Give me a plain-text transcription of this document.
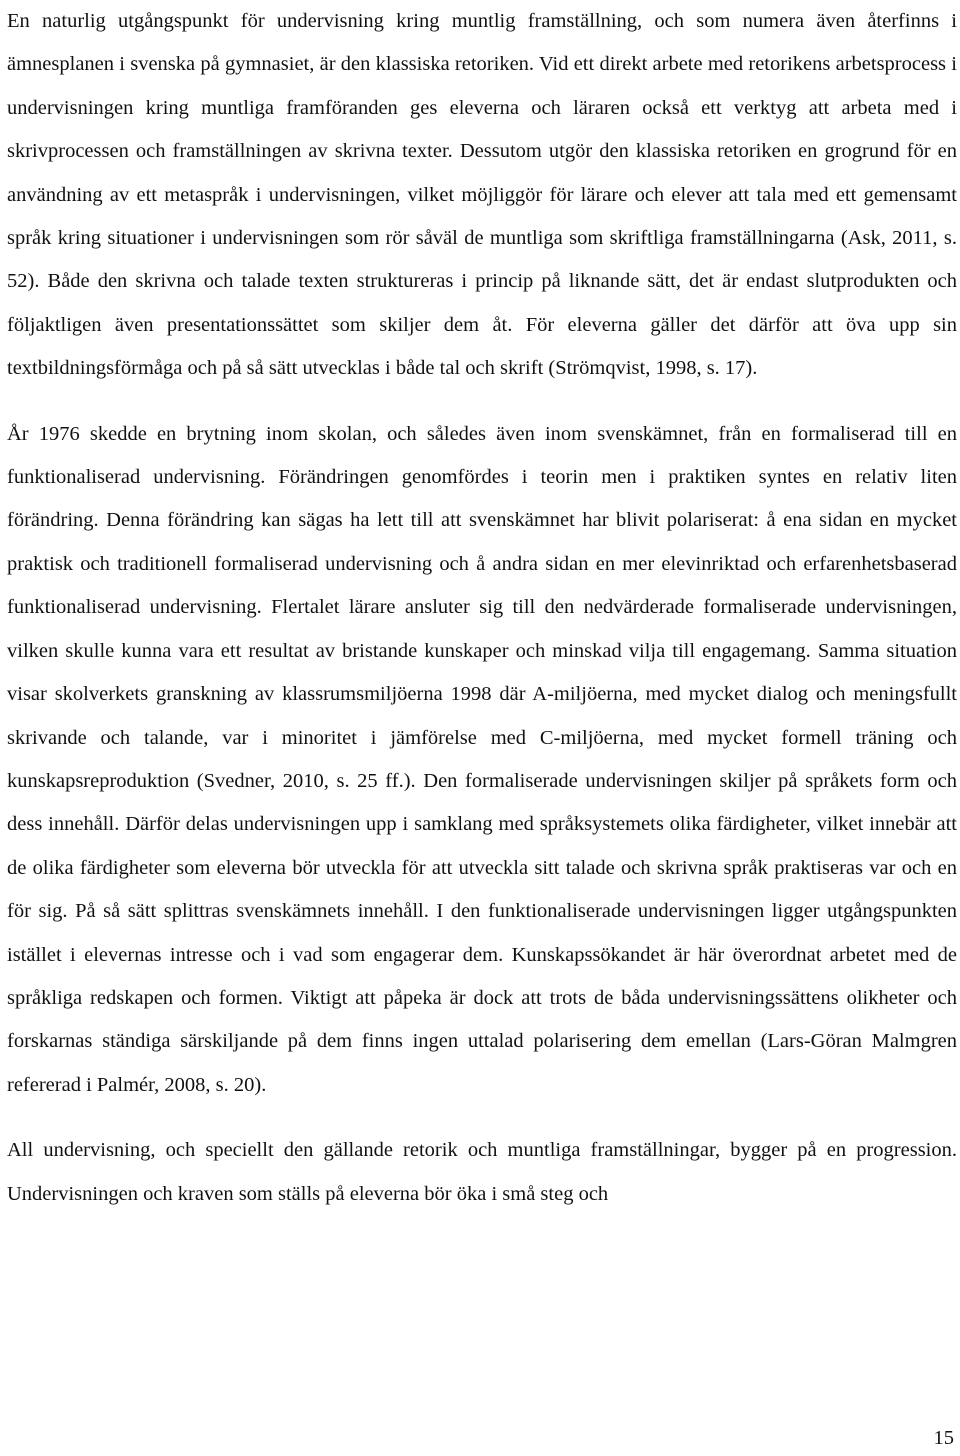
En naturlig utgångspunkt för undervisning kring muntlig framställning, och som numera även återfinns i ämnesplanen i svenska på gymnasiet, är den klassiska retoriken. Vid ett direkt arbete med retorikens arbetsprocess i undervisningen kring muntliga framföranden ges eleverna och läraren också ett verktyg att arbeta med i skrivprocessen och framställningen av skrivna texter. Dessutom utgör den klassiska retoriken en grogrund för en användning av ett metaspråk i undervisningen, vilket möjliggör för lärare och elever att tala med ett gemensamt språk kring situationer i undervisningen som rör såväl de muntliga som skriftliga framställningarna (Ask, 2011, s. 52). Både den skrivna och talade texten struktureras i princip på liknande sätt, det är endast slutprodukten och följaktligen även presentationssättet som skiljer dem åt. För eleverna gäller det därför att öva upp sin textbildningsförmåga och på så sätt utvecklas i både tal och skrift (Strömqvist, 1998, s. 17).

År 1976 skedde en brytning inom skolan, och således även inom svenskämnet, från en formaliserad till en funktionaliserad undervisning. Förändringen genomfördes i teorin men i praktiken syntes en relativ liten förändring. Denna förändring kan sägas ha lett till att svenskämnet har blivit polariserat: å ena sidan en mycket praktisk och traditionell formaliserad undervisning och å andra sidan en mer elevinriktad och erfarenhetsbaserad funktionaliserad undervisning. Flertalet lärare ansluter sig till den nedvärderade formaliserade undervisningen, vilken skulle kunna vara ett resultat av bristande kunskaper och minskad vilja till engagemang. Samma situation visar skolverkets granskning av klassrumsmiljöerna 1998 där A-miljöerna, med mycket dialog och meningsfullt skrivande och talande, var i minoritet i jämförelse med C-miljöerna, med mycket formell träning och kunskapsreproduktion (Svedner, 2010, s. 25 ff.). Den formaliserade undervisningen skiljer på språkets form och dess innehåll. Därför delas undervisningen upp i samklang med språksystemets olika färdigheter, vilket innebär att de olika färdigheter som eleverna bör utveckla för att utveckla sitt talade och skrivna språk praktiseras var och en för sig. På så sätt splittras svenskämnets innehåll. I den funktionaliserade undervisningen ligger utgångspunkten istället i elevernas intresse och i vad som engagerar dem. Kunskapssökandet är här överordnat arbetet med de språkliga redskapen och formen. Viktigt att påpeka är dock att trots de båda undervisningssättens olikheter och forskarnas ständiga särskiljande på dem finns ingen uttalad polarisering dem emellan (Lars-Göran Malmgren refererad i Palmér, 2008, s. 20).

All undervisning, och speciellt den gällande retorik och muntliga framställningar, bygger på en progression. Undervisningen och kraven som ställs på eleverna bör öka i små steg och

15
